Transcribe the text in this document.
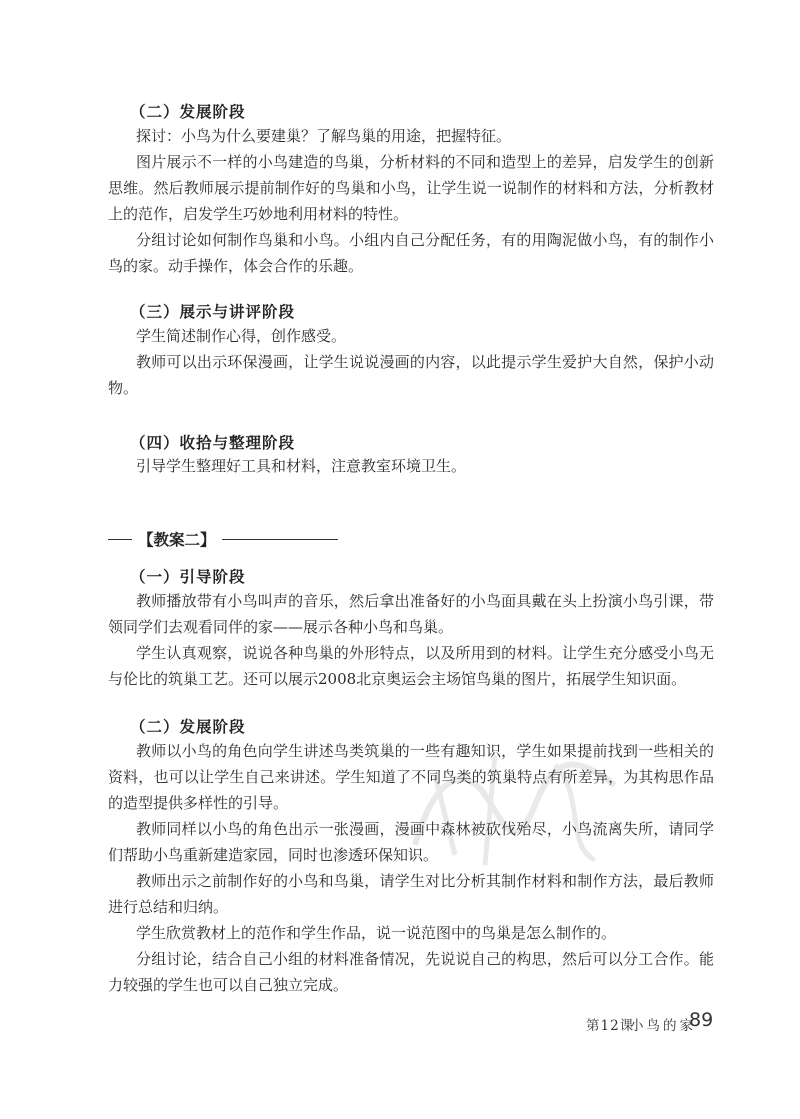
（二）发展阶段

探讨：小鸟为什么要建巢？了解鸟巢的用途，把握特征。

图片展示不一样的小鸟建造的鸟巢，分析材料的不同和造型上的差异，启发学生的创新思维。然后教师展示提前制作好的鸟巢和小鸟，让学生说一说制作的材料和方法，分析教材上的范作，启发学生巧妙地利用材料的特性。

分组讨论如何制作鸟巢和小鸟。小组内自己分配任务，有的用陶泥做小鸟，有的制作小鸟的家。动手操作，体会合作的乐趣。

（三）展示与讲评阶段

学生简述制作心得，创作感受。

教师可以出示环保漫画，让学生说说漫画的内容，以此提示学生爱护大自然，保护小动物。

（四）收拾与整理阶段

引导学生整理好工具和材料，注意教室环境卫生。

【教案二】
（一）引导阶段

教师播放带有小鸟叫声的音乐，然后拿出准备好的小鸟面具戴在头上扮演小鸟引课，带领同学们去观看同伴的家——展示各种小鸟和鸟巢。

学生认真观察，说说各种鸟巢的外形特点，以及所用到的材料。让学生充分感受小鸟无与伦比的筑巢工艺。还可以展示2008北京奥运会主场馆鸟巢的图片，拓展学生知识面。

（二）发展阶段

教师以小鸟的角色向学生讲述鸟类筑巢的一些有趣知识，学生如果提前找到一些相关的资料，也可以让学生自己来讲述。学生知道了不同鸟类的筑巢特点有所差异，为其构思作品的造型提供多样性的引导。

教师同样以小鸟的角色出示一张漫画，漫画中森林被砍伐殆尽，小鸟流离失所，请同学们帮助小鸟重新建造家园，同时也渗透环保知识。

教师出示之前制作好的小鸟和鸟巢，请学生对比分析其制作材料和制作方法，最后教师进行总结和归纳。

学生欣赏教材上的范作和学生作品，说一说范图中的鸟巢是怎么制作的。

分组讨论，结合自己小组的材料准备情况，先说说自己的构思，然后可以分工合作。能力较强的学生也可以自己独立完成。

第12课
小鸟的家
89
